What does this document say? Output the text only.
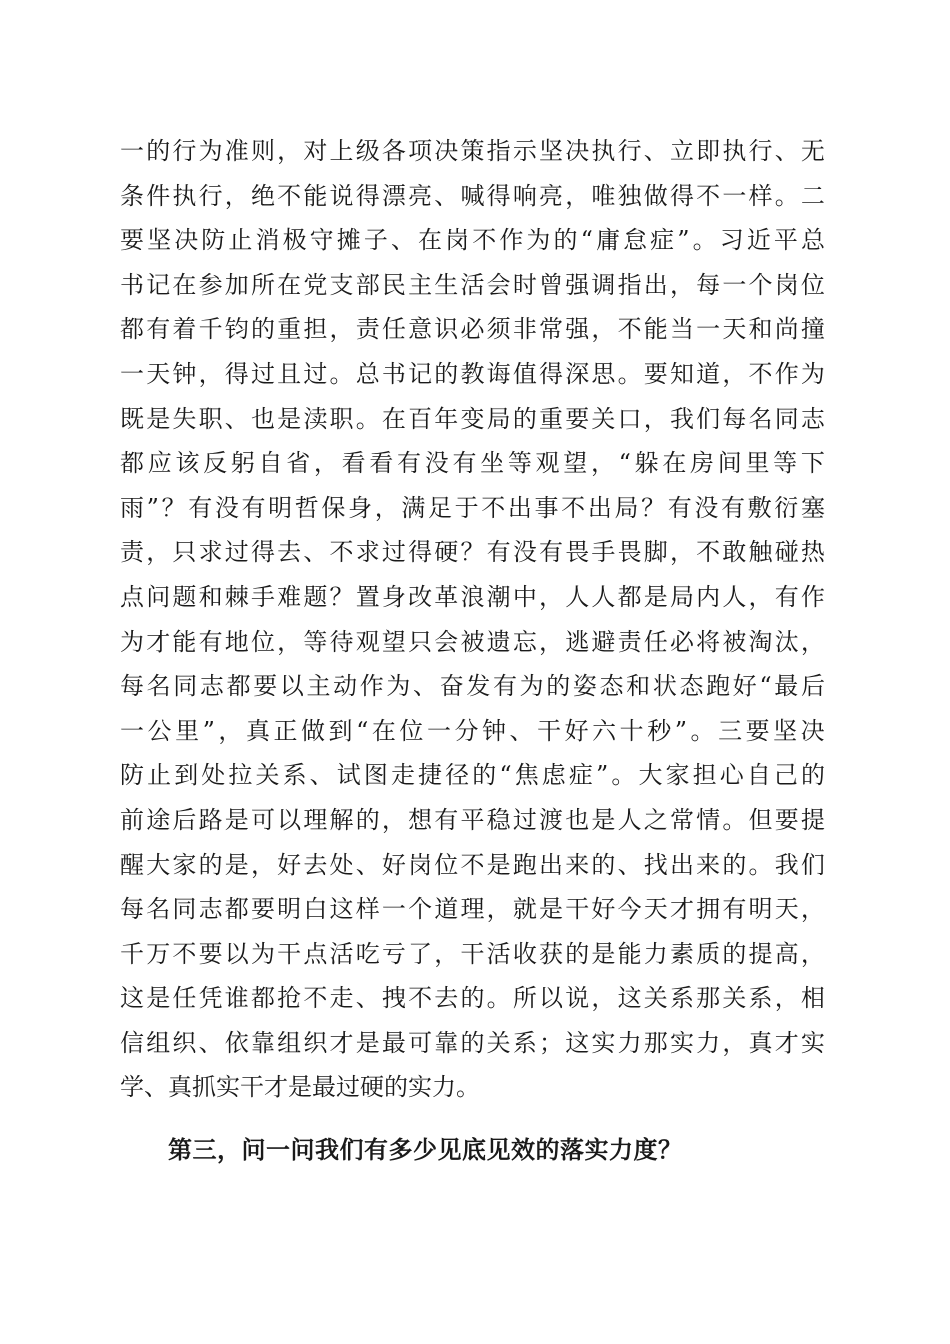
一 的 行 为 准 则 ， 对 上 级 各 项 决 策 指 示 坚 决 执 行 、 立 即 执 行 、 无
条 件 执 行 ， 绝 不 能 说 得 漂 亮 、 喊 得 响 亮 ， 唯 独 做 得 不 一 样 。 二
要 坚 决 防 止 消 极 守 摊 子 、 在 岗 不 作 为 的 “ 庸 怠 症 ” 。 习 近 平 总
书 记 在 参 加 所 在 党 支 部 民 主 生 活 会 时 曾 强 调 指 出 ， 每 一 个 岗 位
都 有 着 千 钧 的 重 担 ， 责 任 意 识 必 须 非 常 强 ， 不 能 当 一 天 和 尚 撞
一 天 钟 ， 得 过 且 过 。 总 书 记 的 教 诲 值 得 深 思 。 要 知 道 ， 不 作 为
既 是 失 职 、 也 是 渎 职 。 在 百 年 变 局 的 重 要 关 口 ， 我 们 每 名 同 志
都 应 该 反 躬 自 省 ， 看 看 有 没 有 坐 等 观 望 ， “ 躲 在 房 间 里 等 下
雨 ” ？ 有 没 有 明 哲 保 身 ， 满 足 于 不 出 事 不 出 局 ？ 有 没 有 敷 衍 塞
责 ， 只 求 过 得 去 、 不 求 过 得 硬 ？ 有 没 有 畏 手 畏 脚 ， 不 敢 触 碰 热
点 问 题 和 棘 手 难 题 ？ 置 身 改 革 浪 潮 中 ， 人 人 都 是 局 内 人 ， 有 作
为 才 能 有 地 位 ， 等 待 观 望 只 会 被 遗 忘 ， 逃 避 责 任 必 将 被 淘 汰 ，
每 名 同 志 都 要 以 主 动 作 为 、 奋 发 有 为 的 姿 态 和 状 态 跑 好 “ 最 后
一 公 里 ” ， 真 正 做 到 “ 在 位 一 分 钟 、 干 好 六 十 秒 ” 。 三 要 坚 决
防 止 到 处 拉 关 系 、 试 图 走 捷 径 的 “ 焦 虑 症 ” 。 大 家 担 心 自 己 的
前 途 后 路 是 可 以 理 解 的 ， 想 有 平 稳 过 渡 也 是 人 之 常 情 。 但 要 提
醒 大 家 的 是 ， 好 去 处 、 好 岗 位 不 是 跑 出 来 的 、 找 出 来 的 。 我 们
每 名 同 志 都 要 明 白 这 样 一 个 道 理 ， 就 是 干 好 今 天 才 拥 有 明 天 ，
千 万 不 要 以 为 干 点 活 吃 亏 了 ， 干 活 收 获 的 是 能 力 素 质 的 提 高 ，
这 是 任 凭 谁 都 抢 不 走 、 拽 不 去 的 。 所 以 说 ， 这 关 系 那 关 系 ， 相
信 组 织 、 依 靠 组 织 才 是 最 可 靠 的 关 系 ； 这 实 力 那 实 力 ， 真 才 实
学、真抓实干才是最过硬的实力。
第三，问一问我们有多少见底见效的落实力度？
